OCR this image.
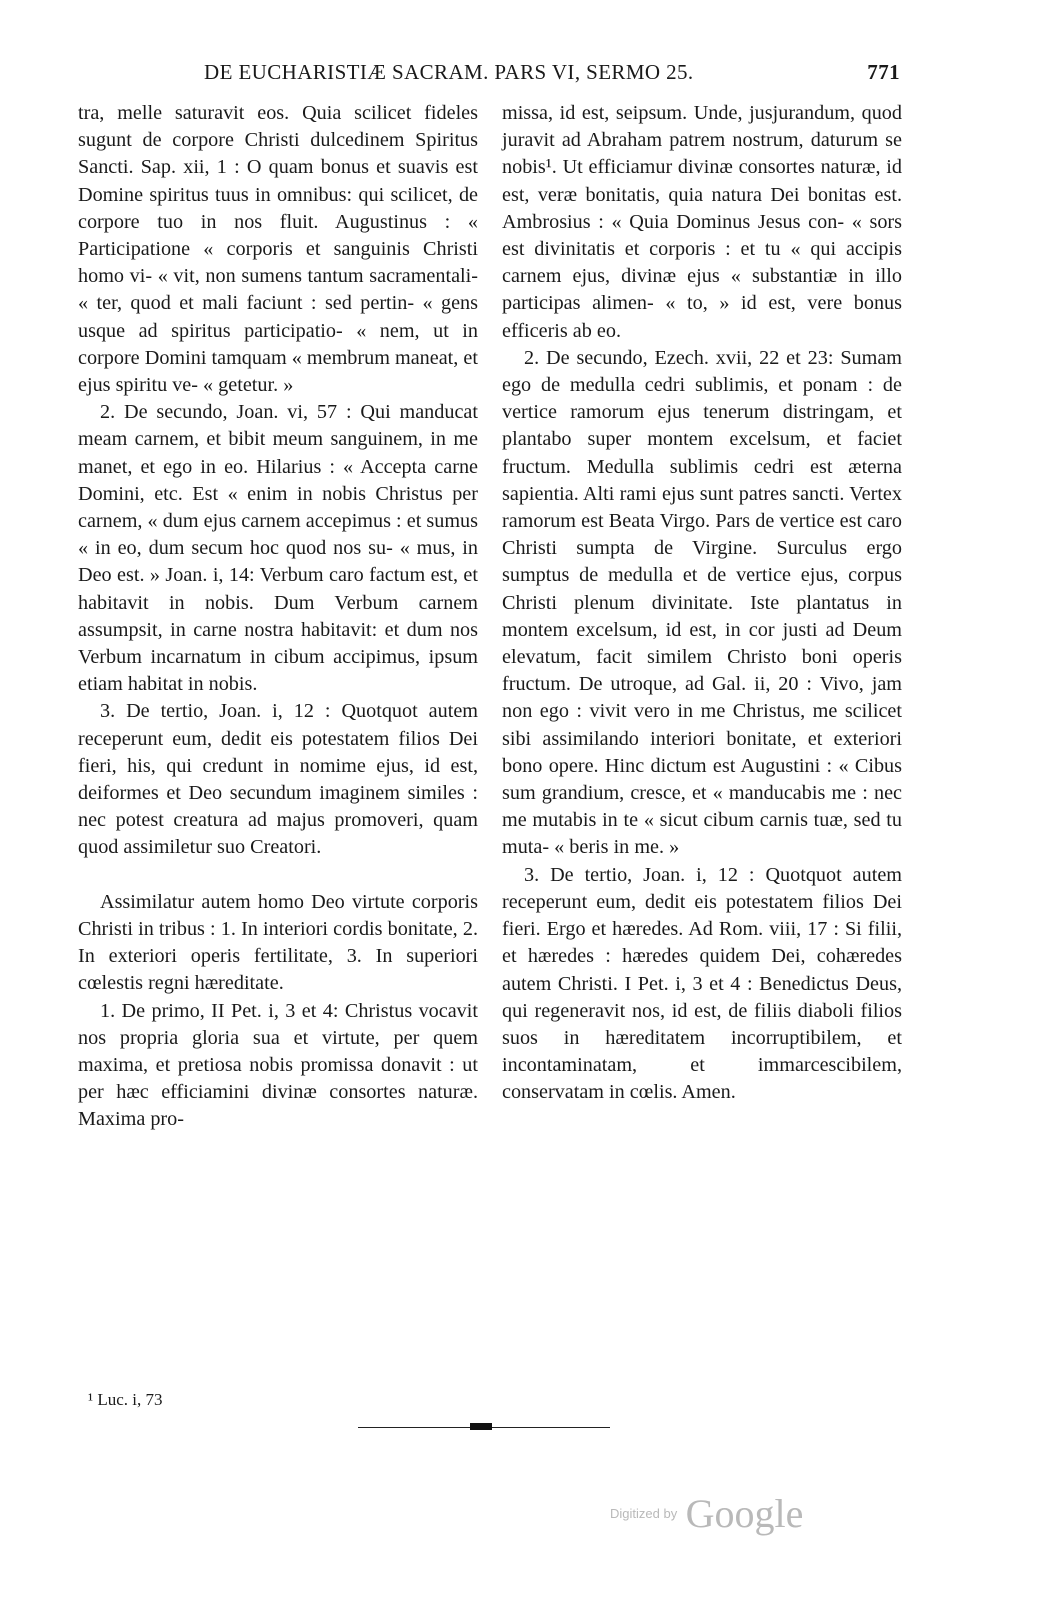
DE EUCHARISTIÆ SACRAM. PARS VI, SERMO 25.	771

tra, melle saturavit eos. Quia scilicet fideles sugunt de corpore Christi dulcedinem Spiritus Sancti. Sap. xii, 1 : O quam bonus et suavis est Domine spiritus tuus in omnibus: qui scilicet, de corpore tuo in nos fluit. Augustinus : « Participatione « corporis et sanguinis Christi homo vi- « vit, non sumens tantum sacramentali- « ter, quod et mali faciunt : sed pertin- « gens usque ad spiritus participatio- « nem, ut in corpore Domini tamquam « membrum maneat, et ejus spiritu ve- « getetur. »

2. De secundo, Joan. vi, 57 : Qui manducat meam carnem, et bibit meum sanguinem, in me manet, et ego in eo. Hilarius : « Accepta carne Domini, etc. Est « enim in nobis Christus per carnem, « dum ejus carnem accepimus : et sumus « in eo, dum secum hoc quod nos su- « mus, in Deo est. » Joan. i, 14: Verbum caro factum est, et habitavit in nobis. Dum Verbum carnem assumpsit, in carne nostra habitavit: et dum nos Verbum incarnatum in cibum accipimus, ipsum etiam habitat in nobis.

3. De tertio, Joan. i, 12 : Quotquot autem receperunt eum, dedit eis potestatem filios Dei fieri, his, qui credunt in nomime ejus, id est, deiformes et Deo secundum imaginem similes : nec potest creatura ad majus promoveri, quam quod assimiletur suo Creatori.

Assimilatur autem homo Deo virtute corporis Christi in tribus : 1. In interiori cordis bonitate, 2. In exteriori operis fertilitate, 3. In superiori cœlestis regni hæreditate.

1. De primo, II Pet. i, 3 et 4: Christus vocavit nos propria gloria sua et virtute, per quem maxima, et pretiosa nobis promissa donavit : ut per hæc efficiamini divinæ consortes naturæ. Maxima pro-

missa, id est, seipsum. Unde, jusjurandum, quod juravit ad Abraham patrem nostrum, daturum se nobis¹. Ut efficiamur divinæ consortes naturæ, id est, veræ bonitatis, quia natura Dei bonitas est. Ambrosius : « Quia Dominus Jesus con- « sors est divinitatis et corporis : et tu « qui accipis carnem ejus, divinæ ejus « substantiæ in illo participas alimen- « to, » id est, vere bonus efficeris ab eo.

2. De secundo, Ezech. xvii, 22 et 23: Sumam ego de medulla cedri sublimis, et ponam : de vertice ramorum ejus tenerum distringam, et plantabo super montem excelsum, et faciet fructum. Medulla sublimis cedri est æterna sapientia. Alti rami ejus sunt patres sancti. Vertex ramorum est Beata Virgo. Pars de vertice est caro Christi sumpta de Virgine. Surculus ergo sumptus de medulla et de vertice ejus, corpus Christi plenum divinitate. Iste plantatus in montem excelsum, id est, in cor justi ad Deum elevatum, facit similem Christo boni operis fructum. De utroque, ad Gal. ii, 20 : Vivo, jam non ego : vivit vero in me Christus, me scilicet sibi assimilando interiori bonitate, et exteriori bono opere. Hinc dictum est Augustini : « Cibus sum grandium, cresce, et « manducabis me : nec me mutabis in te « sicut cibum carnis tuæ, sed tu muta- « beris in me. »

3. De tertio, Joan. i, 12 : Quotquot autem receperunt eum, dedit eis potestatem filios Dei fieri. Ergo et hæredes. Ad Rom. viii, 17 : Si filii, et hæredes : hæredes quidem Dei, cohæredes autem Christi. I Pet. i, 3 et 4 : Benedictus Deus, qui regeneravit nos, id est, de filiis diaboli filios suos in hæreditatem incorruptibilem, et incontaminatam, et immarcescibilem, conservatam in cœlis. Amen.

¹ Luc. i, 73
Digitized by Google
